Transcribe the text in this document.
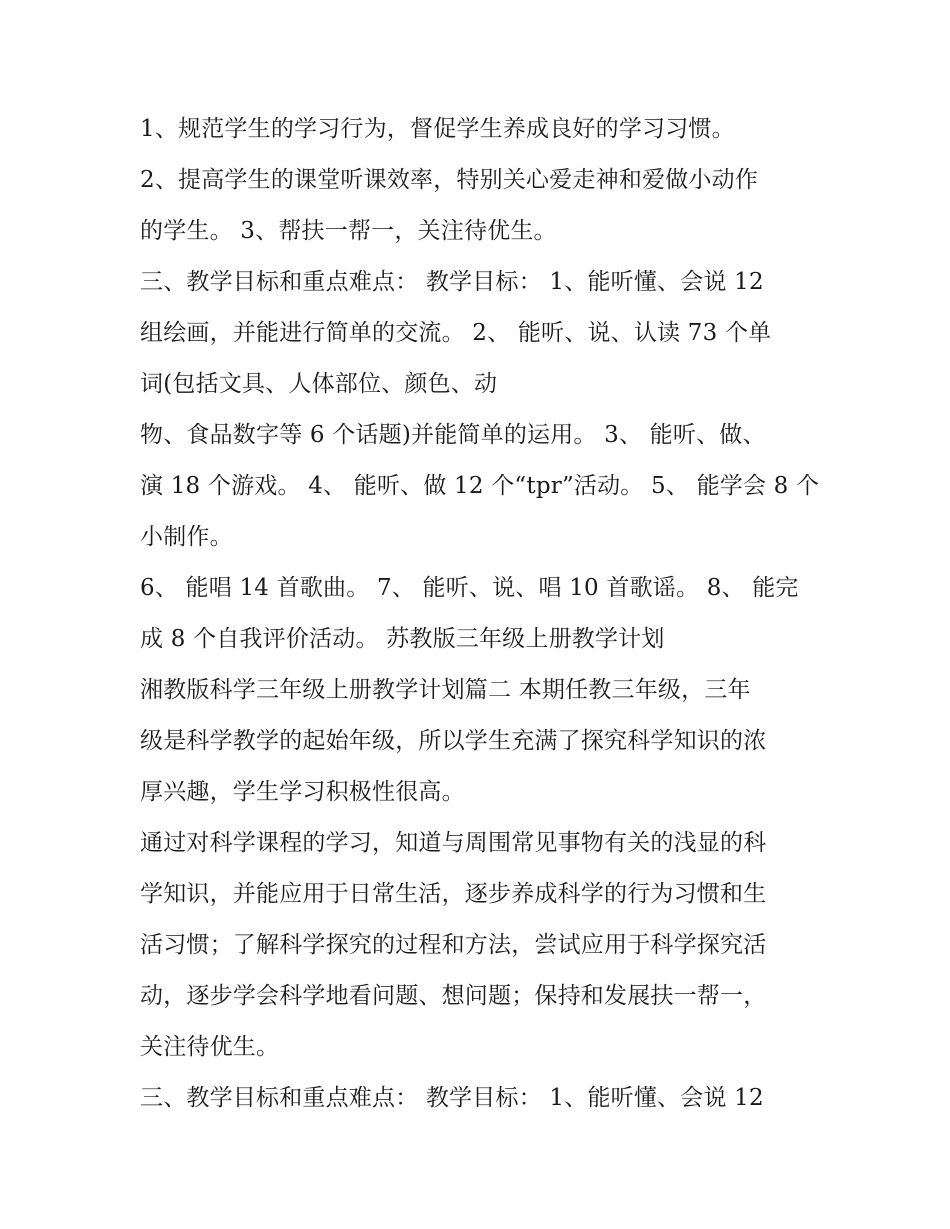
1、规范学生的学习行为，督促学生养成良好的学习习惯。
2、提高学生的课堂听课效率，特别关心爱走神和爱做小动作
的学生。 3、帮扶一帮一，关注待优生。
三、教学目标和重点难点： 教学目标： 1、能听懂、会说 12
组绘画，并能进行简单的交流。 2、 能听、说、认读 73 个单
词(包括文具、人体部位、颜色、动
物、食品数字等 6 个话题)并能简单的运用。 3、 能听、做、
演 18 个游戏。 4、 能听、做 12 个“tpr”活动。 5、 能学会 8 个
小制作。
6、 能唱 14 首歌曲。 7、 能听、说、唱 10 首歌谣。 8、 能完
成 8 个自我评价活动。 苏教版三年级上册教学计划
湘教版科学三年级上册教学计划篇二 本期任教三年级，三年
级是科学教学的起始年级，所以学生充满了探究科学知识的浓
厚兴趣，学生学习积极性很高。
通过对科学课程的学习，知道与周围常见事物有关的浅显的科
学知识，并能应用于日常生活，逐步养成科学的行为习惯和生
活习惯；了解科学探究的过程和方法，尝试应用于科学探究活
动，逐步学会科学地看问题、想问题；保持和发展扶一帮一，
关注待优生。
三、教学目标和重点难点： 教学目标： 1、能听懂、会说 12
